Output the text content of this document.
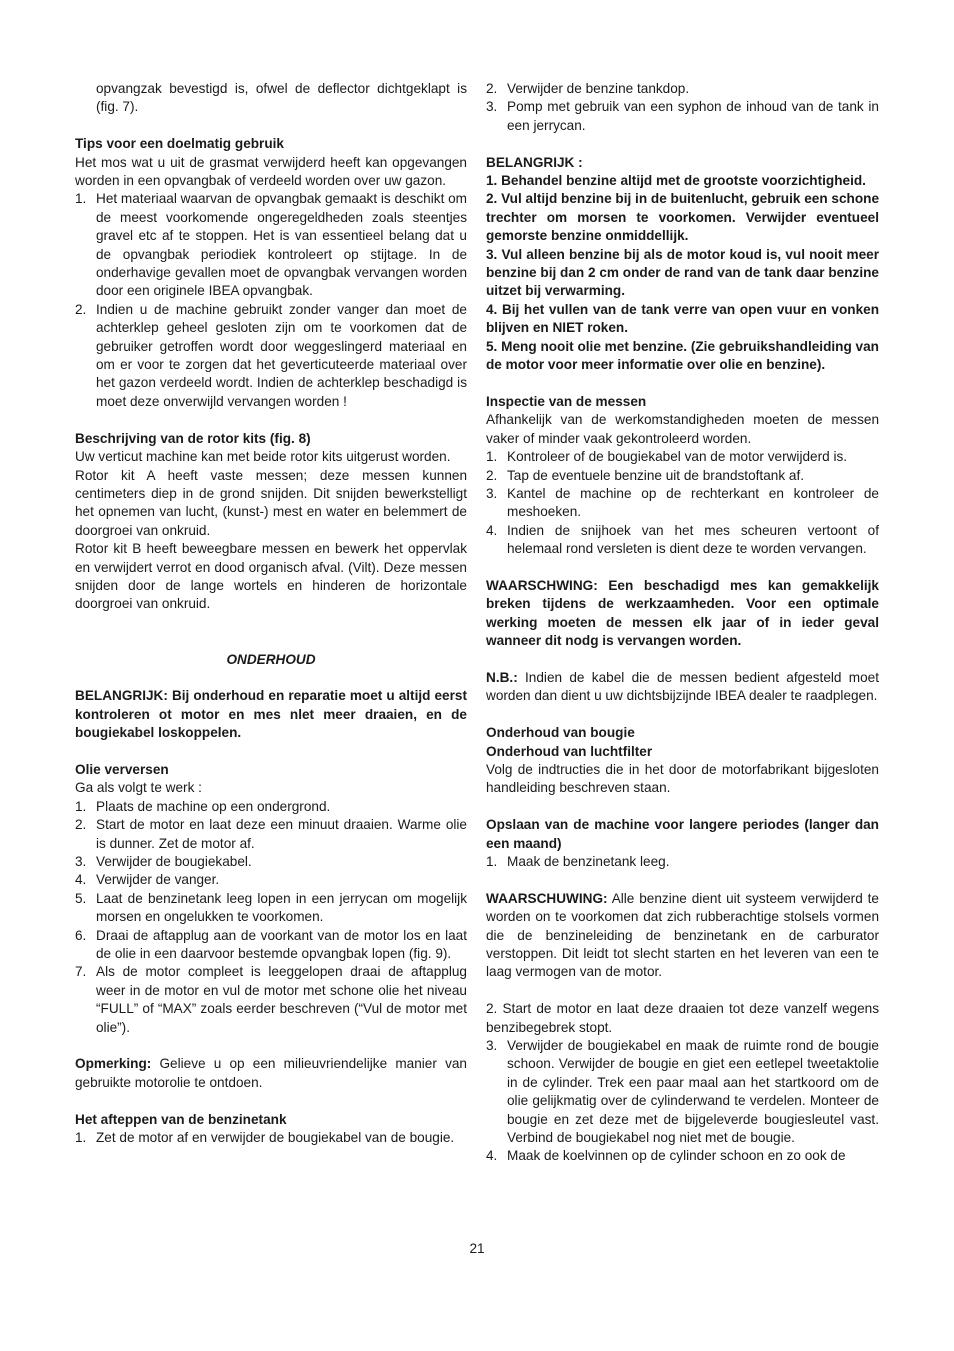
opvangzak bevestigd is, ofwel de deflector dichtgeklapt is (fig. 7).

Tips voor een doelmatig gebruik

Het mos wat u uit de grasmat verwijderd heeft kan opgevangen worden in een opvangbak of verdeeld worden over uw gazon.

1. Het materiaal waarvan de opvangbak gemaakt is deschikt om de meest voorkomende ongeregeldheden zoals steentjes gravel etc af te stoppen. Het is van essentieel belang dat u de opvangbak periodiek kontroleert op stijtage. In de onderhavige gevallen moet de opvangbak vervangen worden door een originele IBEA opvangbak.
2. Indien u de machine gebruikt zonder vanger dan moet de achterklep geheel gesloten zijn om te voorkomen dat de gebruiker getroffen wordt door weggeslingerd materiaal en om er voor te zorgen dat het geverticuteerde materiaal over het gazon verdeeld wordt. Indien de achterklep beschadigd is moet deze onverwijld vervangen worden !

Beschrijving van de rotor kits (fig. 8)

Uw verticut machine kan met beide rotor kits uitgerust worden.

Rotor kit A heeft vaste messen; deze messen kunnen centimeters diep in de grond snijden. Dit snijden bewerkstelligt het opnemen van lucht, (kunst-) mest en water en belemmert de doorgroei van onkruid.

Rotor kit B heeft beweegbare messen en bewerk het oppervlak en verwijdert verrot en dood organisch afval. (Vilt). Deze messen snijden door de lange wortels en hinderen de horizontale doorgroei van onkruid.

ONDERHOUD

BELANGRIJK: Bij onderhoud en reparatie moet u altijd eerst kontroleren ot motor en mes nlet meer draaien, en de bougiekabel loskoppelen.

Olie verversen

Ga als volgt te werk :

1. Plaats de machine op een ondergrond.
2. Start de motor en laat deze een minuut draaien. Warme olie is dunner. Zet de motor af.
3. Verwijder de bougiekabel.
4. Verwijder de vanger.
5. Laat de benzinetank leeg lopen in een jerrycan om mogelijk morsen en ongelukken te voorkomen.
6. Draai de aftapplug aan de voorkant van de motor los en laat de olie in een daarvoor bestemde opvangbak lopen (fig. 9).
7. Als de motor compleet is leeggelopen draai de aftapplug weer in de motor en vul de motor met schone olie het niveau “FULL” of “MAX” zoals eerder beschreven (“Vul de motor met olie”).

Opmerking: Gelieve u op een milieuvriendelijke manier van gebruikte motorolie te ontdoen.

Het afteppen van de benzinetank

1. Zet de motor af en verwijder de bougiekabel van de bougie.
2. Verwijder de benzine tankdop.
3. Pomp met gebruik van een syphon de inhoud van de tank in een jerrycan.

BELANGRIJK :

1. Behandel benzine altijd met de grootste voorzichtigheid.

2. Vul altijd benzine bij in de buitenlucht, gebruik een schone trechter om morsen te voorkomen. Verwijder eventueel gemorste benzine onmiddellijk.

3. Vul alleen benzine bij als de motor koud is, vul nooit meer benzine bij dan 2 cm onder de rand van de tank daar benzine uitzet bij verwarming.

4. Bij het vullen van de tank verre van open vuur en vonken blijven en NIET roken.

5. Meng nooit olie met benzine. (Zie gebruikshandleiding van de motor voor meer informatie over olie en benzine).

Inspectie van de messen

Afhankelijk van de werkomstandigheden moeten de messen vaker of minder vaak gekontroleerd worden.

1. Kontroleer of de bougiekabel van de motor verwijderd is.
2. Tap de eventuele benzine uit de brandstoftank af.
3. Kantel de machine op de rechterkant en kontroleer de meshoeken.
4. Indien de snijhoek van het mes scheuren vertoont of helemaal rond versleten is dient deze te worden vervangen.

WAARSCHWING: Een beschadigd mes kan gemakkelijk breken tijdens de werkzaamheden. Voor een optimale werking moeten de messen elk jaar of in ieder geval wanneer dit nodg is vervangen worden.

N.B.: Indien de kabel die de messen bedient afgesteld moet worden dan dient u uw dichtsbijzijnde IBEA dealer te raadplegen.

Onderhoud van bougie

Onderhoud van luchtfilter

Volg de indtructies die in het door de motorfabrikant bijgesloten handleiding beschreven staan.

Opslaan van de machine voor langere periodes (langer dan een maand)

1. Maak de benzinetank leeg.

WAARSCHUWING: Alle benzine dient uit systeem verwijderd te worden on te voorkomen dat zich rubberachtige stolsels vormen die de benzineleiding de benzinetank en de carburator verstoppen. Dit leidt tot slecht starten en het leveren van een te laag vermogen van de motor.

2. Start de motor en laat deze draaien tot deze vanzelf wegens benzibegebrek stopt.

3. Verwijder de bougiekabel en maak de ruimte rond de bougie schoon. Verwijder de bougie en giet een eetlepel tweetaktolie in de cylinder. Trek een paar maal aan het startkoord om de olie gelijkmatig over de cylinderwand te verdelen. Monteer de bougie en zet deze met de bijgeleverde bougiesleutel vast. Verbind de bougiekabel nog niet met de bougie.
4. Maak de koelvinnen op de cylinder schoon en zo ook de
21
